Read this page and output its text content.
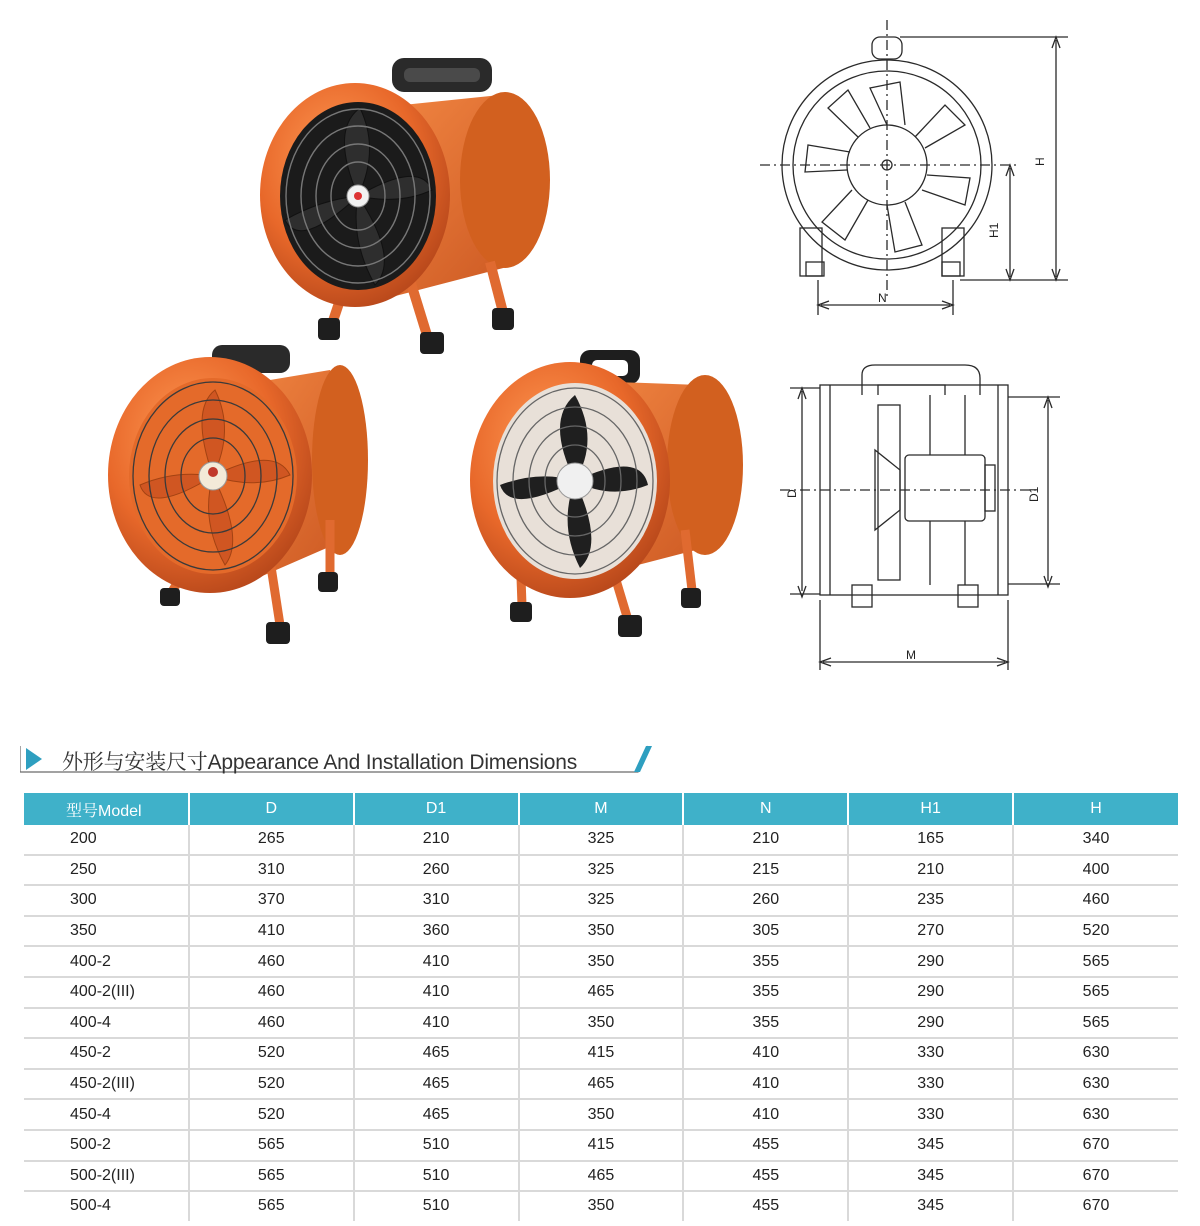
H
H1
N
D	D1
M
外形与安装尺寸Appearance And Installation Dimensions
型号Model	D	D1	M	N	H1	H
200	265	210	325	210	165	340
250	310	260	325	215	210	400
300	370	310	325	260	235	460
350	410	360	350	305	270	520
400-2	460	410	350	355	290	565
400-2(III)	460	410	465	355	290	565
400-4	460	410	350	355	290	565
450-2	520	465	415	410	330	630
450-2(III)	520	465	465	410	330	630
450-4	520	465	350	410	330	630
500-2	565	510	415	455	345	670
500-2(III)	565	510	465	455	345	670
500-4	565	510	350	455	345	670
